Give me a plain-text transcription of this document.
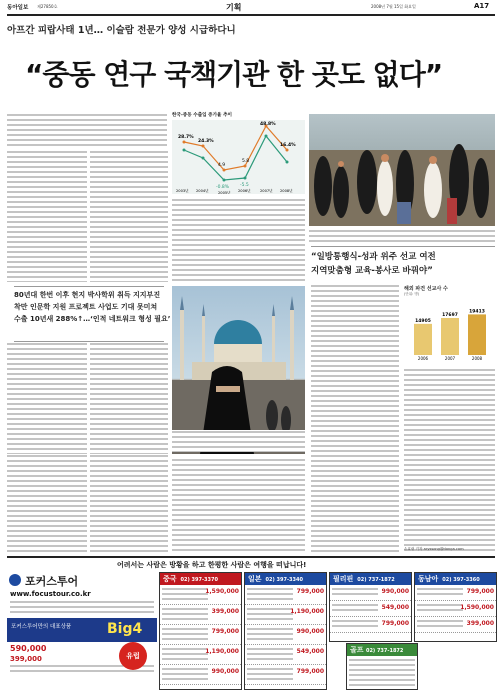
동아일보 제27850호	기획	2008년 7월 15일 화요일	A17
아프간 피랍사태 1년… 이슬람 전문가 양성 시급하다니
“중동 연구 국책기관 한 곳도 없다”
한국-중동 수출입 증가율 추이
28.7%
24.3%
4.9
5.8
48.8%
16.4%
-0.8% -5.5
2003년 2004년	2005년 2006년	2007년 2008년
80년대 한번 이후 현지 박사학위 취득 지지부진
착만 인문학 지원 프로젝트 사업도 기대 못미쳐
수출 10년새 288%↑…‘인적 네트워크 형성 필요’
“일방통행식-성과 위주 선교 여전
지역맞춤형 교육-봉사로 바꿔야”
해외 파견 선교사 수
(단위: 명)
14905
2006
17697
2007
19413
2008
손효림 기자 aryssong@donga.com
어려서는 사람은 방황을 하고 한평한 사람은 여행을 떠납니다!
포커스투어
www.focustour.co.kr
포커스투어만의 대표상품	Big4
590,000
유럽
399,000
중국 02) 397-3370
1,590,000
399,000
799,000
1,190,000
990,000
일본 02) 397-3340
799,000
1,190,000
990,000
549,000
799,000
필리핀 02) 737-1872
990,000
549,000
799,000
동남아 02) 397-3360
799,000
1,590,000
399,000
골프 02) 737-1872
